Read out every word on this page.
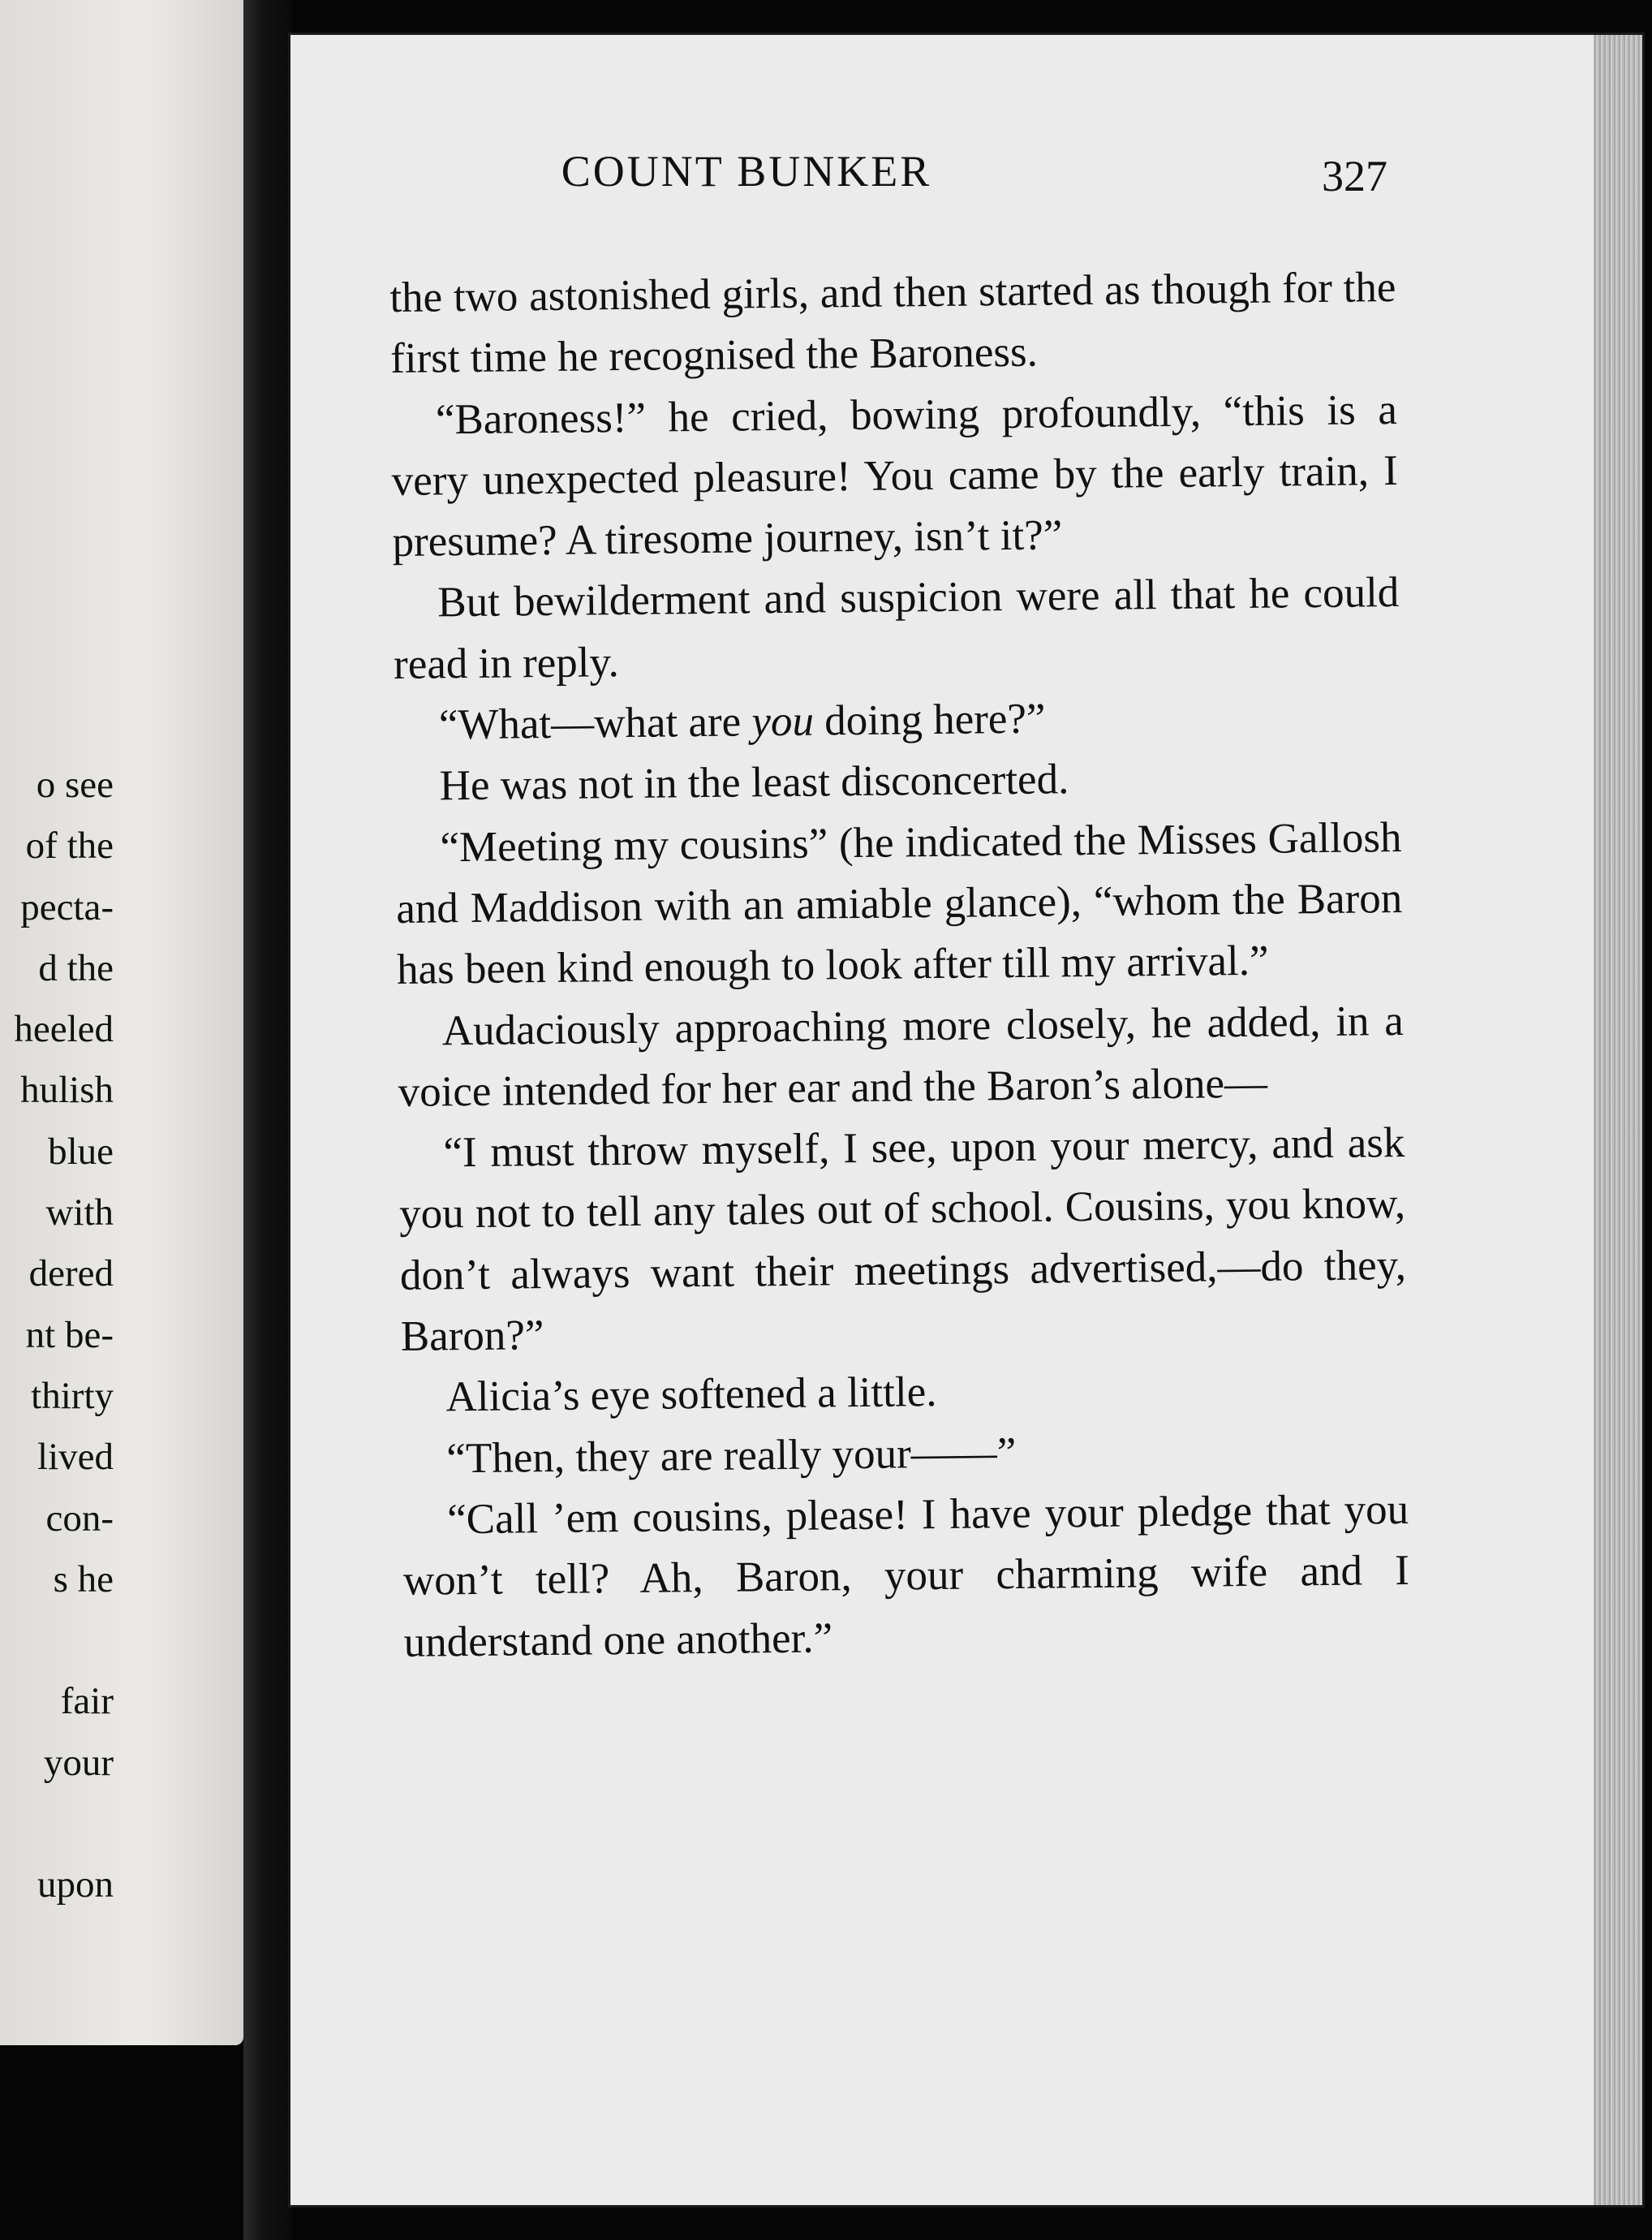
o see
of the
pecta-
d the
heeled
hulish
blue
with
dered
nt be-
thirty
lived
con-
s he
fair
your
upon
COUNT BUNKER	327

the two astonished girls, and then started as though for the first time he recognised the Baroness.

“Baroness!” he cried, bowing profoundly, “this is a very unexpected pleasure! You came by the early train, I presume? A tiresome journey, isn’t it?”

But bewilderment and suspicion were all that he could read in reply.

“What—what are you doing here?”

He was not in the least disconcerted.

“Meeting my cousins” (he indicated the Misses Gallosh and Maddison with an amiable glance), “whom the Baron has been kind enough to look after till my arrival.”

Audaciously approaching more closely, he added, in a voice intended for her ear and the Baron’s alone—

“I must throw myself, I see, upon your mercy, and ask you not to tell any tales out of school. Cousins, you know, don’t always want their meetings advertised,—do they, Baron?”

Alicia’s eye softened a little.

“Then, they are really your——”

“Call ’em cousins, please! I have your pledge that you won’t tell? Ah, Baron, your charming wife and I understand one another.”
